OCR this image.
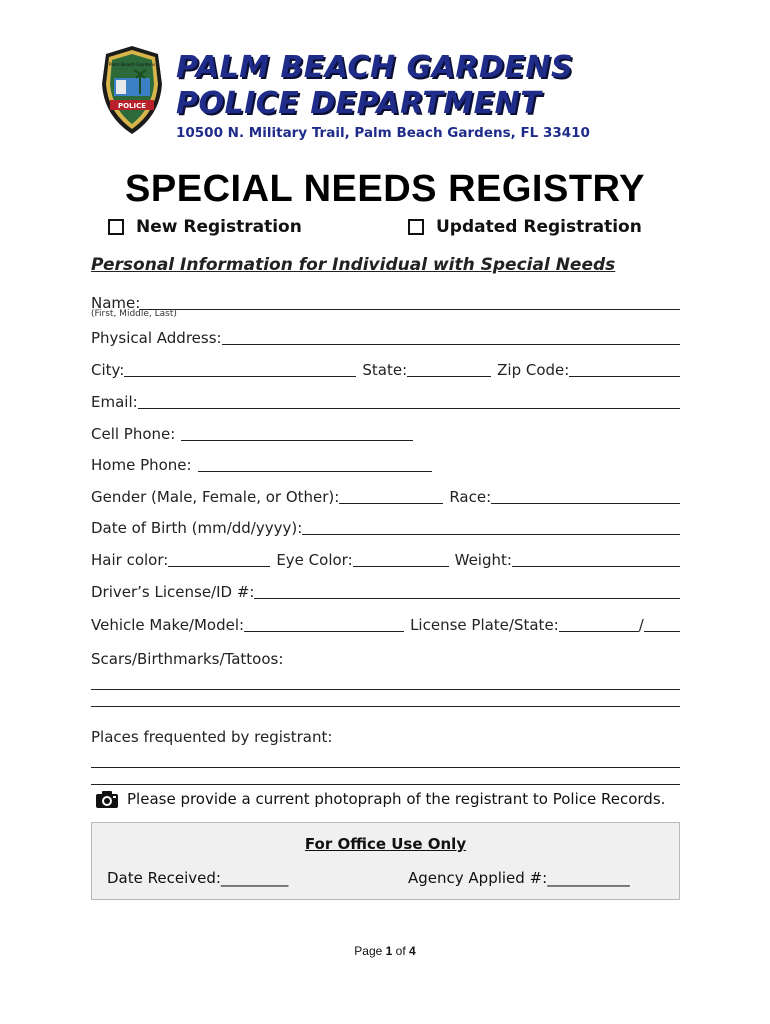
POLICE
Palm Beach Gardens PALM BEACH GARDENS
POLICE DEPARTMENT
10500 N. Military Trail, Palm Beach Gardens, FL 33410
SPECIAL NEEDS REGISTRY
New Registration	Updated Registration
Personal Information for Individual with Special Needs
Name:
(First, Middle, Last)
Physical Address:
City:	State:	Zip Code:
Email:
Cell Phone:
Home Phone:
Gender (Male, Female, or Other):	Race:
Date of Birth (mm/dd/yyyy):
Hair color:	Eye Color:	Weight:
Driver’s License/ID #:
Vehicle Make/Model:	License Plate/State:	/
Scars/Birthmarks/Tattoos:
Places frequented by registrant:
Please provide a current photopraph of the registrant to Police Records.
For Office Use Only
Date Received:_________	Agency Applied #:___________
Page 1 of 4
